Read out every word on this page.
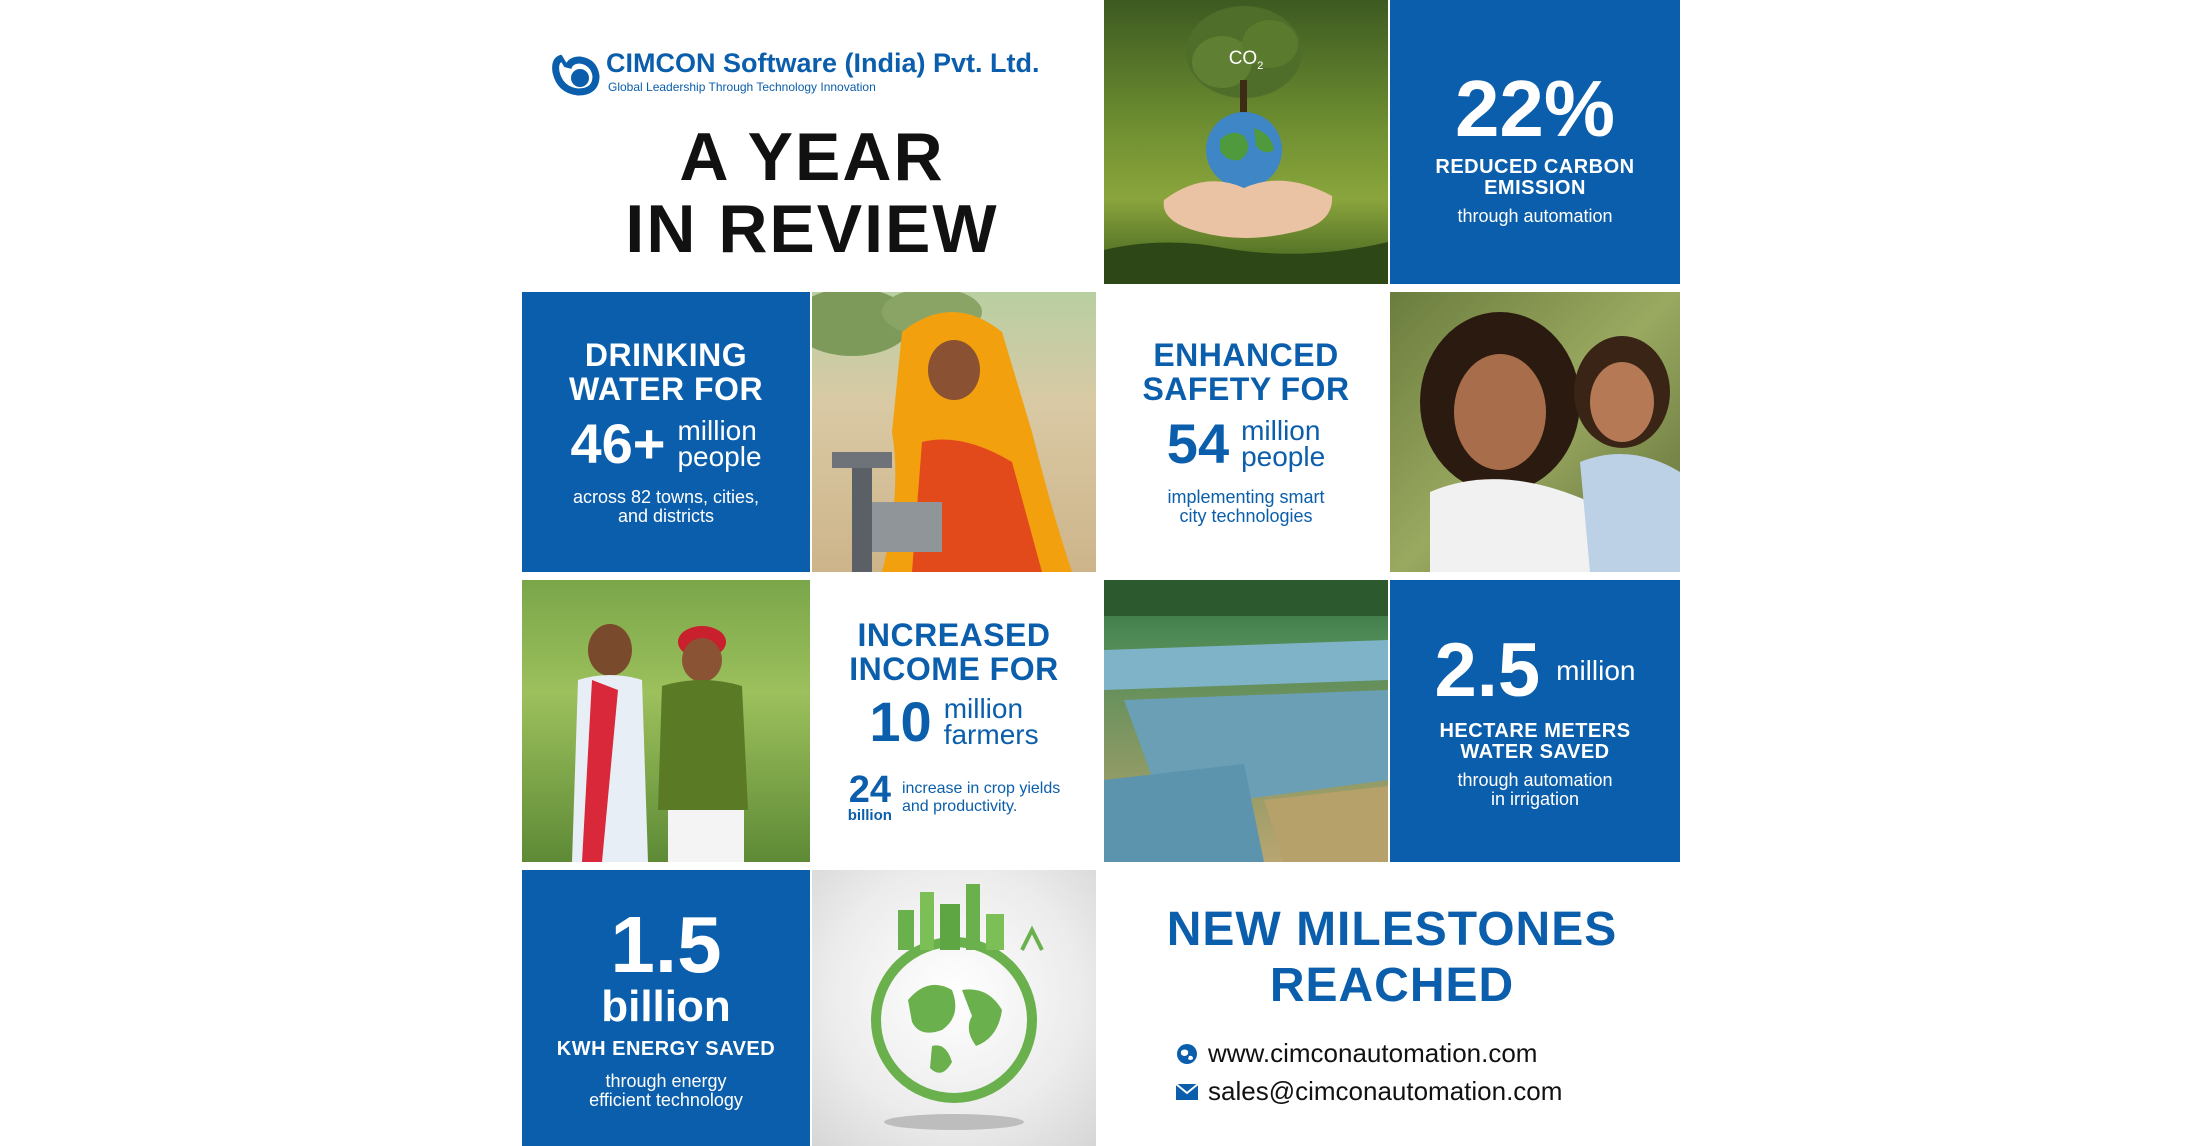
CIMCON Software (India) Pvt. Ltd.
Global Leadership Through Technology Innovation
A YEAR
IN REVIEW
$CO_2$	22%
REDUCED CARBON
EMISSION
through automation
DRINKING
WATER FOR
46+ million
people
across 82 towns, cities,
and districts
ENHANCED
SAFETY FOR
54 million
people
implementing smart
city technologies
INCREASED
INCOME FOR
10 million
farmers
24
billion
increase in crop yields
and productivity.
2.5 million
HECTARE METERS
WATER SAVED
through automation
in irrigation
1.5
billion
KWH ENERGY SAVED
through energy
efficient technology
NEW MILESTONES
REACHED
www.cimconautomation.com
sales@cimconautomation.com
